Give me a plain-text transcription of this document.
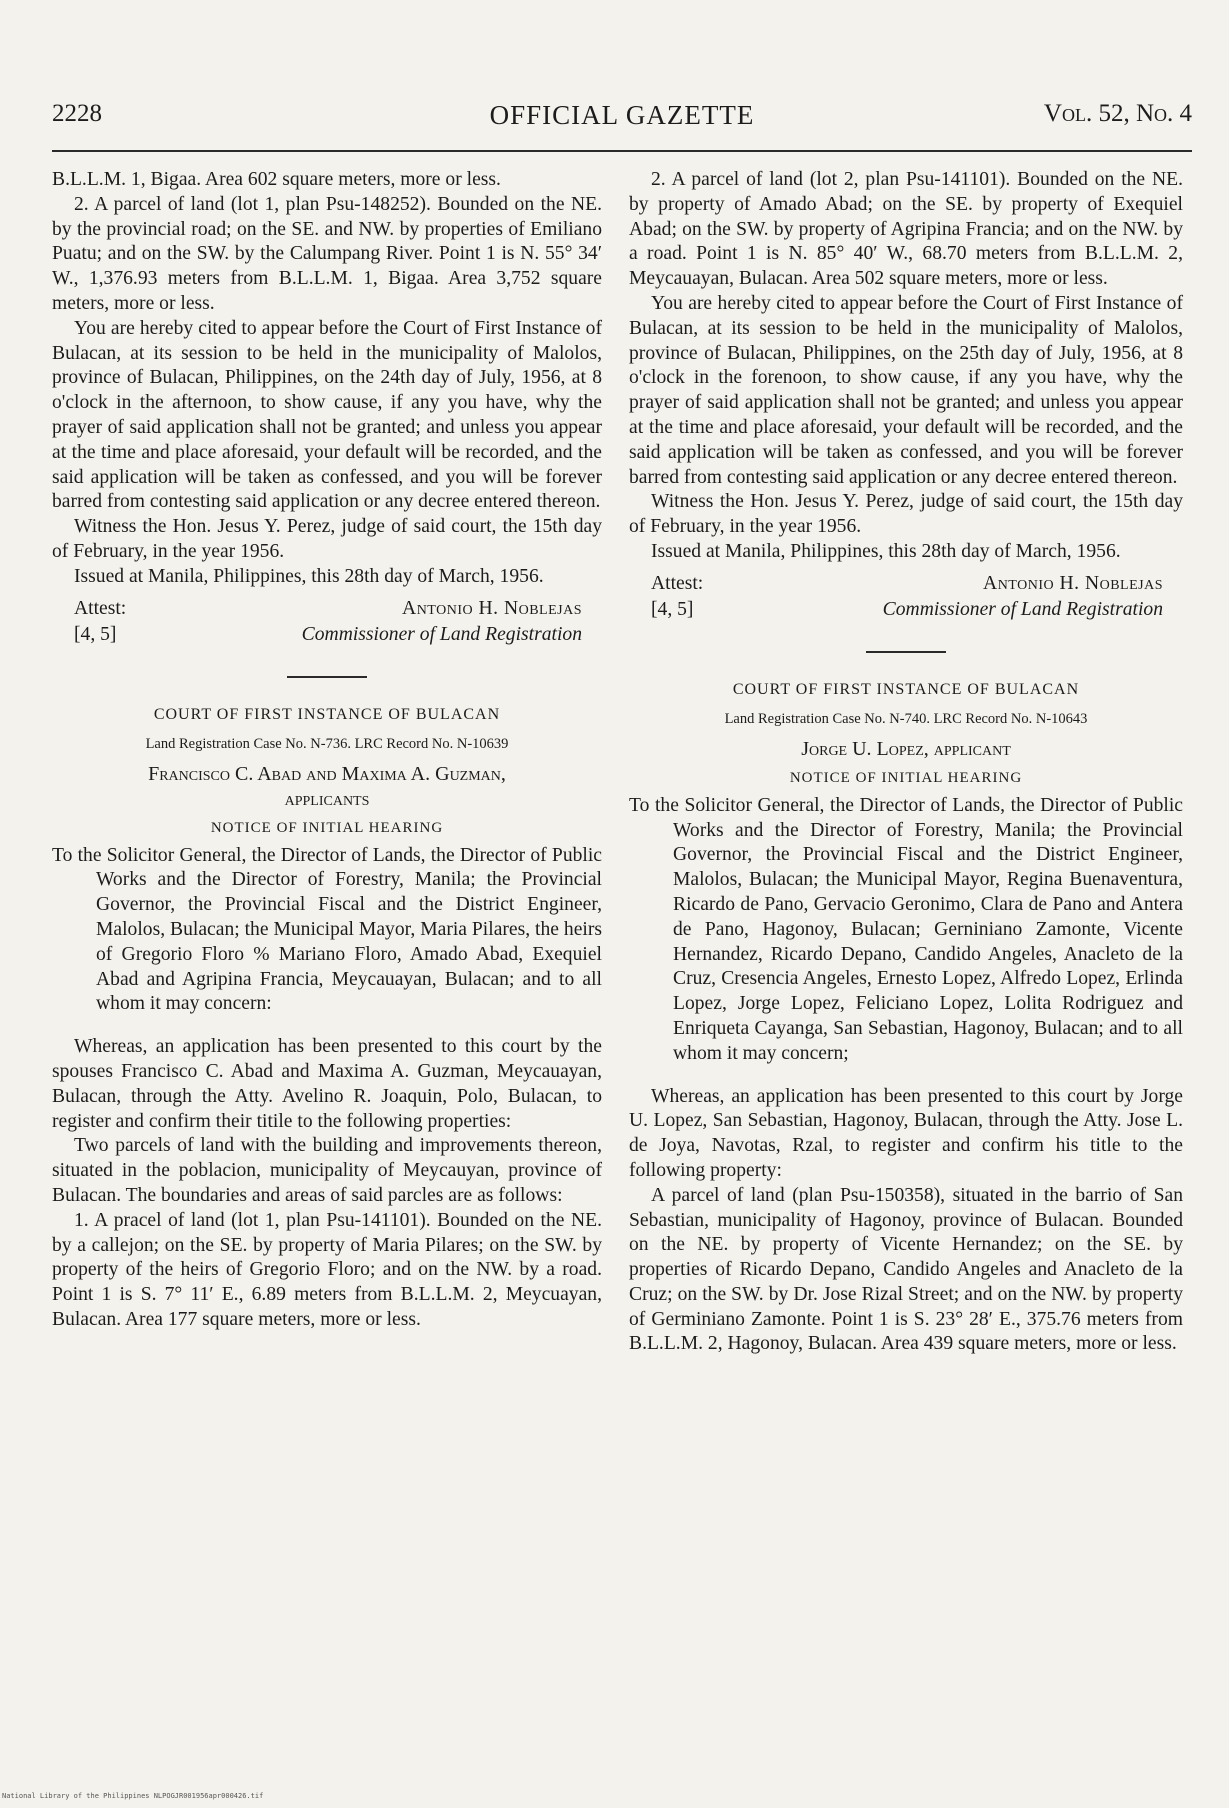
2228	OFFICIAL GAZETTE	Vol. 52, No. 4

B.L.L.M. 1, Bigaa. Area 602 square meters, more or less.

2. A parcel of land (lot 1, plan Psu-148252). Bounded on the NE. by the provincial road; on the SE. and NW. by properties of Emiliano Puatu; and on the SW. by the Calumpang River. Point 1 is N. 55° 34′ W., 1,376.93 meters from B.L.L.M. 1, Bigaa. Area 3,752 square meters, more or less.

You are hereby cited to appear before the Court of First Instance of Bulacan, at its session to be held in the municipality of Malolos, province of Bulacan, Philippines, on the 24th day of July, 1956, at 8 o'clock in the afternoon, to show cause, if any you have, why the prayer of said application shall not be granted; and unless you appear at the time and place aforesaid, your default will be recorded, and the said application will be taken as confessed, and you will be forever barred from contesting said application or any decree entered thereon.

Witness the Hon. Jesus Y. Perez, judge of said court, the 15th day of February, in the year 1956.

Issued at Manila, Philippines, this 28th day of March, 1956.

Attest:	Antonio H. Noblejas
[4, 5]	Commissioner of Land Registration
COURT OF FIRST INSTANCE OF BULACAN
Land Registration Case No. N-736. LRC Record No. N-10639
Francisco C. Abad and Maxima A. Guzman,
applicants
NOTICE OF INITIAL HEARING

To the Solicitor General, the Director of Lands, the Director of Public Works and the Director of Forestry, Manila; the Provincial Governor, the Provincial Fiscal and the District Engineer, Malolos, Bulacan; the Municipal Mayor, Maria Pilares, the heirs of Gregorio Floro % Mariano Floro, Amado Abad, Exequiel Abad and Agripina Francia, Meycauayan, Bulacan; and to all whom it may concern:

Whereas, an application has been presented to this court by the spouses Francisco C. Abad and Maxima A. Guzman, Meycauayan, Bulacan, through the Atty. Avelino R. Joaquin, Polo, Bulacan, to register and confirm their titile to the following properties:

Two parcels of land with the building and improvements thereon, situated in the poblacion, municipality of Meycauyan, province of Bulacan. The boundaries and areas of said parcles are as follows:

1. A pracel of land (lot 1, plan Psu-141101). Bounded on the NE. by a callejon; on the SE. by property of Maria Pilares; on the SW. by property of the heirs of Gregorio Floro; and on the NW. by a road. Point 1 is S. 7° 11′ E., 6.89 meters from B.L.L.M. 2, Meycuayan, Bulacan. Area 177 square meters, more or less.

2. A parcel of land (lot 2, plan Psu-141101). Bounded on the NE. by property of Amado Abad; on the SE. by property of Exequiel Abad; on the SW. by property of Agripina Francia; and on the NW. by a road. Point 1 is N. 85° 40′ W., 68.70 meters from B.L.L.M. 2, Meycauayan, Bulacan. Area 502 square meters, more or less.

You are hereby cited to appear before the Court of First Instance of Bulacan, at its session to be held in the municipality of Malolos, province of Bulacan, Philippines, on the 25th day of July, 1956, at 8 o'clock in the forenoon, to show cause, if any you have, why the prayer of said application shall not be granted; and unless you appear at the time and place aforesaid, your default will be recorded, and the said application will be taken as confessed, and you will be forever barred from contesting said application or any decree entered thereon.

Witness the Hon. Jesus Y. Perez, judge of said court, the 15th day of February, in the year 1956.

Issued at Manila, Philippines, this 28th day of March, 1956.

Attest:	Antonio H. Noblejas
[4, 5]	Commissioner of Land Registration
COURT OF FIRST INSTANCE OF BULACAN
Land Registration Case No. N-740. LRC Record No. N-10643
Jorge U. Lopez, applicant
NOTICE OF INITIAL HEARING

To the Solicitor General, the Director of Lands, the Director of Public Works and the Director of Forestry, Manila; the Provincial Governor, the Provincial Fiscal and the District Engineer, Malolos, Bulacan; the Municipal Mayor, Regina Buenaventura, Ricardo de Pano, Gervacio Geronimo, Clara de Pano and Antera de Pano, Hagonoy, Bulacan; Gerniniano Zamonte, Vicente Hernandez, Ricardo Depano, Candido Angeles, Anacleto de la Cruz, Cresencia Angeles, Ernesto Lopez, Alfredo Lopez, Erlinda Lopez, Jorge Lopez, Feliciano Lopez, Lolita Rodriguez and Enriqueta Cayanga, San Sebastian, Hagonoy, Bulacan; and to all whom it may concern;

Whereas, an application has been presented to this court by Jorge U. Lopez, San Sebastian, Hagonoy, Bulacan, through the Atty. Jose L. de Joya, Navotas, Rzal, to register and confirm his title to the following property:

A parcel of land (plan Psu-150358), situated in the barrio of San Sebastian, municipality of Hagonoy, province of Bulacan. Bounded on the NE. by property of Vicente Hernandez; on the SE. by properties of Ricardo Depano, Candido Angeles and Anacleto de la Cruz; on the SW. by Dr. Jose Rizal Street; and on the NW. by property of Germiniano Zamonte. Point 1 is S. 23° 28′ E., 375.76 meters from B.L.L.M. 2, Hagonoy, Bulacan. Area 439 square meters, more or less.

National Library of the Philippines NLPOGJR001956apr000426.tif
